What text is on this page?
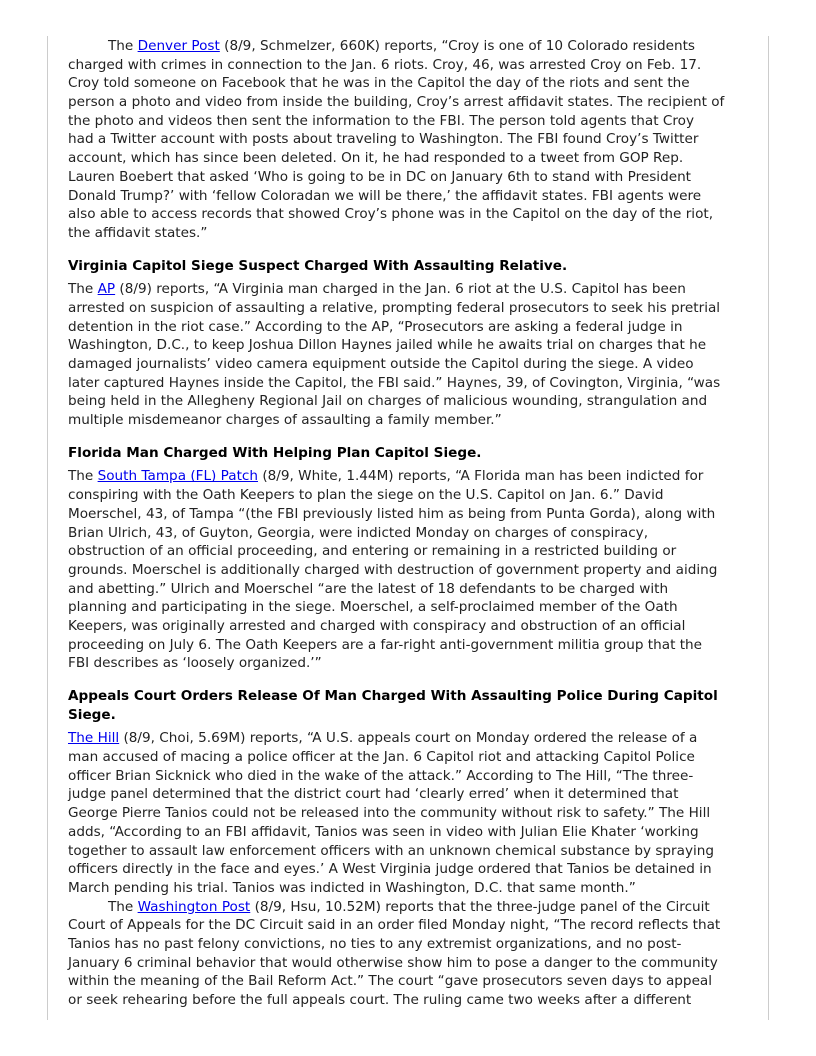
The Denver Post (8/9, Schmelzer, 660K) reports, “Croy is one of 10 Colorado residents
charged with crimes in connection to the Jan. 6 riots. Croy, 46, was arrested Croy on Feb. 17.
Croy told someone on Facebook that he was in the Capitol the day of the riots and sent the
person a photo and video from inside the building, Croy’s arrest affidavit states. The recipient of
the photo and videos then sent the information to the FBI. The person told agents that Croy
had a Twitter account with posts about traveling to Washington. The FBI found Croy’s Twitter
account, which has since been deleted. On it, he had responded to a tweet from GOP Rep.
Lauren Boebert that asked ‘Who is going to be in DC on January 6th to stand with President
Donald Trump?’ with ‘fellow Coloradan we will be there,’ the affidavit states. FBI agents were
also able to access records that showed Croy’s phone was in the Capitol on the day of the riot,
the affidavit states.”
Virginia Capitol Siege Suspect Charged With Assaulting Relative.
The AP (8/9) reports, “A Virginia man charged in the Jan. 6 riot at the U.S. Capitol has been
arrested on suspicion of assaulting a relative, prompting federal prosecutors to seek his pretrial
detention in the riot case.” According to the AP, “Prosecutors are asking a federal judge in
Washington, D.C., to keep Joshua Dillon Haynes jailed while he awaits trial on charges that he
damaged journalists’ video camera equipment outside the Capitol during the siege. A video
later captured Haynes inside the Capitol, the FBI said.” Haynes, 39, of Covington, Virginia, “was
being held in the Allegheny Regional Jail on charges of malicious wounding, strangulation and
multiple misdemeanor charges of assaulting a family member.”
Florida Man Charged With Helping Plan Capitol Siege.
The South Tampa (FL) Patch (8/9, White, 1.44M) reports, “A Florida man has been indicted for
conspiring with the Oath Keepers to plan the siege on the U.S. Capitol on Jan. 6.” David
Moerschel, 43, of Tampa “(the FBI previously listed him as being from Punta Gorda), along with
Brian Ulrich, 43, of Guyton, Georgia, were indicted Monday on charges of conspiracy,
obstruction of an official proceeding, and entering or remaining in a restricted building or
grounds. Moerschel is additionally charged with destruction of government property and aiding
and abetting.” Ulrich and Moerschel “are the latest of 18 defendants to be charged with
planning and participating in the siege. Moerschel, a self-proclaimed member of the Oath
Keepers, was originally arrested and charged with conspiracy and obstruction of an official
proceeding on July 6. The Oath Keepers are a far-right anti-government militia group that the
FBI describes as ‘loosely organized.’”
Appeals Court Orders Release Of Man Charged With Assaulting Police During Capitol
Siege.
The Hill (8/9, Choi, 5.69M) reports, “A U.S. appeals court on Monday ordered the release of a
man accused of macing a police officer at the Jan. 6 Capitol riot and attacking Capitol Police
officer Brian Sicknick who died in the wake of the attack.” According to The Hill, “The three-
judge panel determined that the district court had ‘clearly erred’ when it determined that
George Pierre Tanios could not be released into the community without risk to safety.” The Hill
adds, “According to an FBI affidavit, Tanios was seen in video with Julian Elie Khater ‘working
together to assault law enforcement officers with an unknown chemical substance by spraying
officers directly in the face and eyes.’ A West Virginia judge ordered that Tanios be detained in
March pending his trial. Tanios was indicted in Washington, D.C. that same month.”
The Washington Post (8/9, Hsu, 10.52M) reports that the three-judge panel of the Circuit
Court of Appeals for the DC Circuit said in an order filed Monday night, “The record reflects that
Tanios has no past felony convictions, no ties to any extremist organizations, and no post-
January 6 criminal behavior that would otherwise show him to pose a danger to the community
within the meaning of the Bail Reform Act.” The court “gave prosecutors seven days to appeal
or seek rehearing before the full appeals court. The ruling came two weeks after a different
